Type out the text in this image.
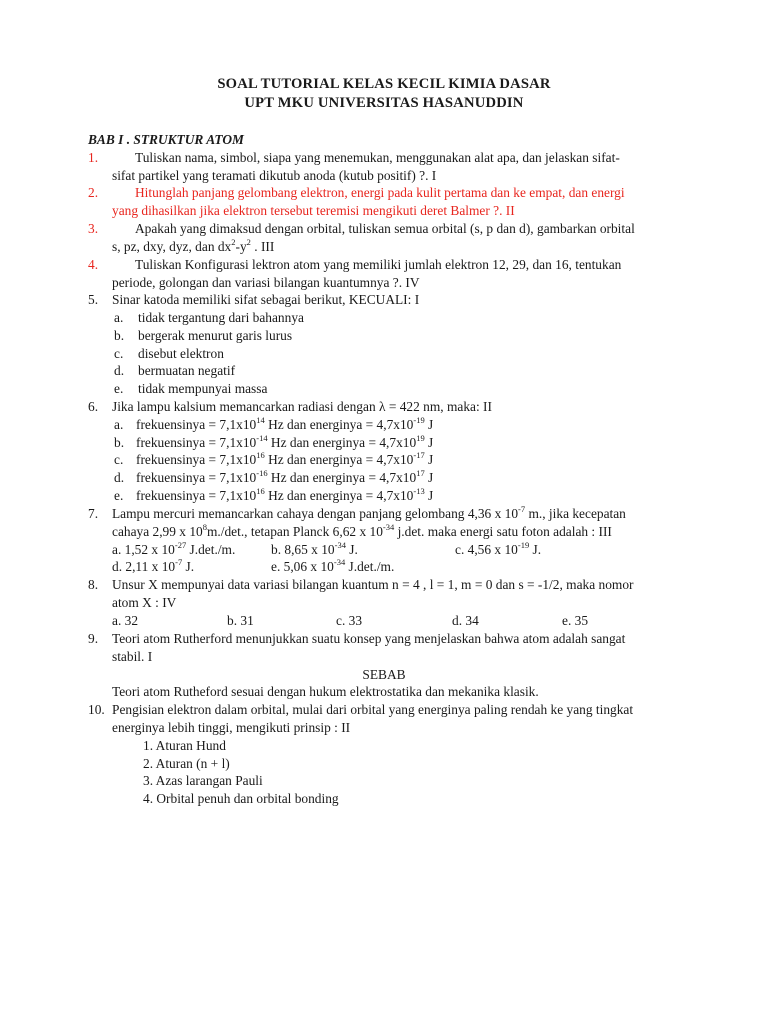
SOAL TUTORIAL KELAS KECIL KIMIA DASAR
UPT MKU UNIVERSITAS HASANUDDIN
BAB I . STRUKTUR ATOM
1.	Tuliskan nama, simbol, siapa yang menemukan, menggunakan alat apa, dan jelaskan sifat-
sifat partikel yang teramati dikutub anoda (kutub positif) ?. I
2.	Hitunglah panjang gelombang elektron, energi pada kulit pertama dan ke empat, dan energi
yang dihasilkan jika elektron tersebut teremisi mengikuti deret Balmer ?. II
3.	Apakah yang dimaksud dengan orbital, tuliskan semua orbital (s, p dan d), gambarkan orbital
s, pz, dxy, dyz, dan $dx^2-y^2$ . III
4.	Tuliskan Konfigurasi lektron atom yang memiliki jumlah elektron 12, 29, dan 16, tentukan
periode, golongan dan variasi bilangan kuantumnya ?. IV
5. Sinar katoda memiliki sifat sebagai berikut, KECUALI: I
a. tidak tergantung dari bahannya
b. bergerak menurut garis lurus
c. disebut elektron
d. bermuatan negatif
e. tidak mempunyai massa
6. Jika lampu kalsium memancarkan radiasi dengan λ = 422 nm, maka: II
a. frekuensinya = $7,1x10^{14}$ Hz dan energinya = $4,7x10^{-19}$ J
b. frekuensinya = $7,1x10^{-14}$ Hz dan energinya = $4,7x10^{19}$ J
c. frekuensinya = $7,1x10^{16}$ Hz dan energinya = $4,7x10^{-17}$ J
d. frekuensinya = $7,1x10^{-16}$ Hz dan energinya = $4,7x10^{17}$ J
e. frekuensinya = $7,1x10^{16}$ Hz dan energinya = $4,7x10^{-13}$ J
7. Lampu mercuri memancarkan cahaya dengan panjang gelombang 4,36 x $10^{-7}$ m., jika kecepatan
cahaya 2,99 x $10^8m./\det$., tetapan Planck 6,62 x $10^{-34}$ j.det. maka energi satu foton adalah : III
a. 1,52 x $10^{-27}$ J.det./m.	b. 8,65 x $10^{-34}$ J.	c. 4,56 x $10^{-19}$ J.
d. 2,11 x $10^{-7}$ J.	e. 5,06 x $10^{-34}$ J.det./m.
8. Unsur X mempunyai data variasi bilangan kuantum n = 4 , l = 1, m = 0 dan s = -1/2, maka nomor
atom X : IV
a. 32	b. 31	c. 33	d. 34	e. 35
9. Teori atom Rutherford menunjukkan suatu konsep yang menjelaskan bahwa atom adalah sangat
stabil. I
SEBAB
Teori atom Rutheford sesuai dengan hukum elektrostatika dan mekanika klasik.
10. Pengisian elektron dalam orbital, mulai dari orbital yang energinya paling rendah ke yang tingkat
energinya lebih tinggi, mengikuti prinsip : II
1. Aturan Hund
2. Aturan (n + l)
3. Azas larangan Pauli
4. Orbital penuh dan orbital bonding
